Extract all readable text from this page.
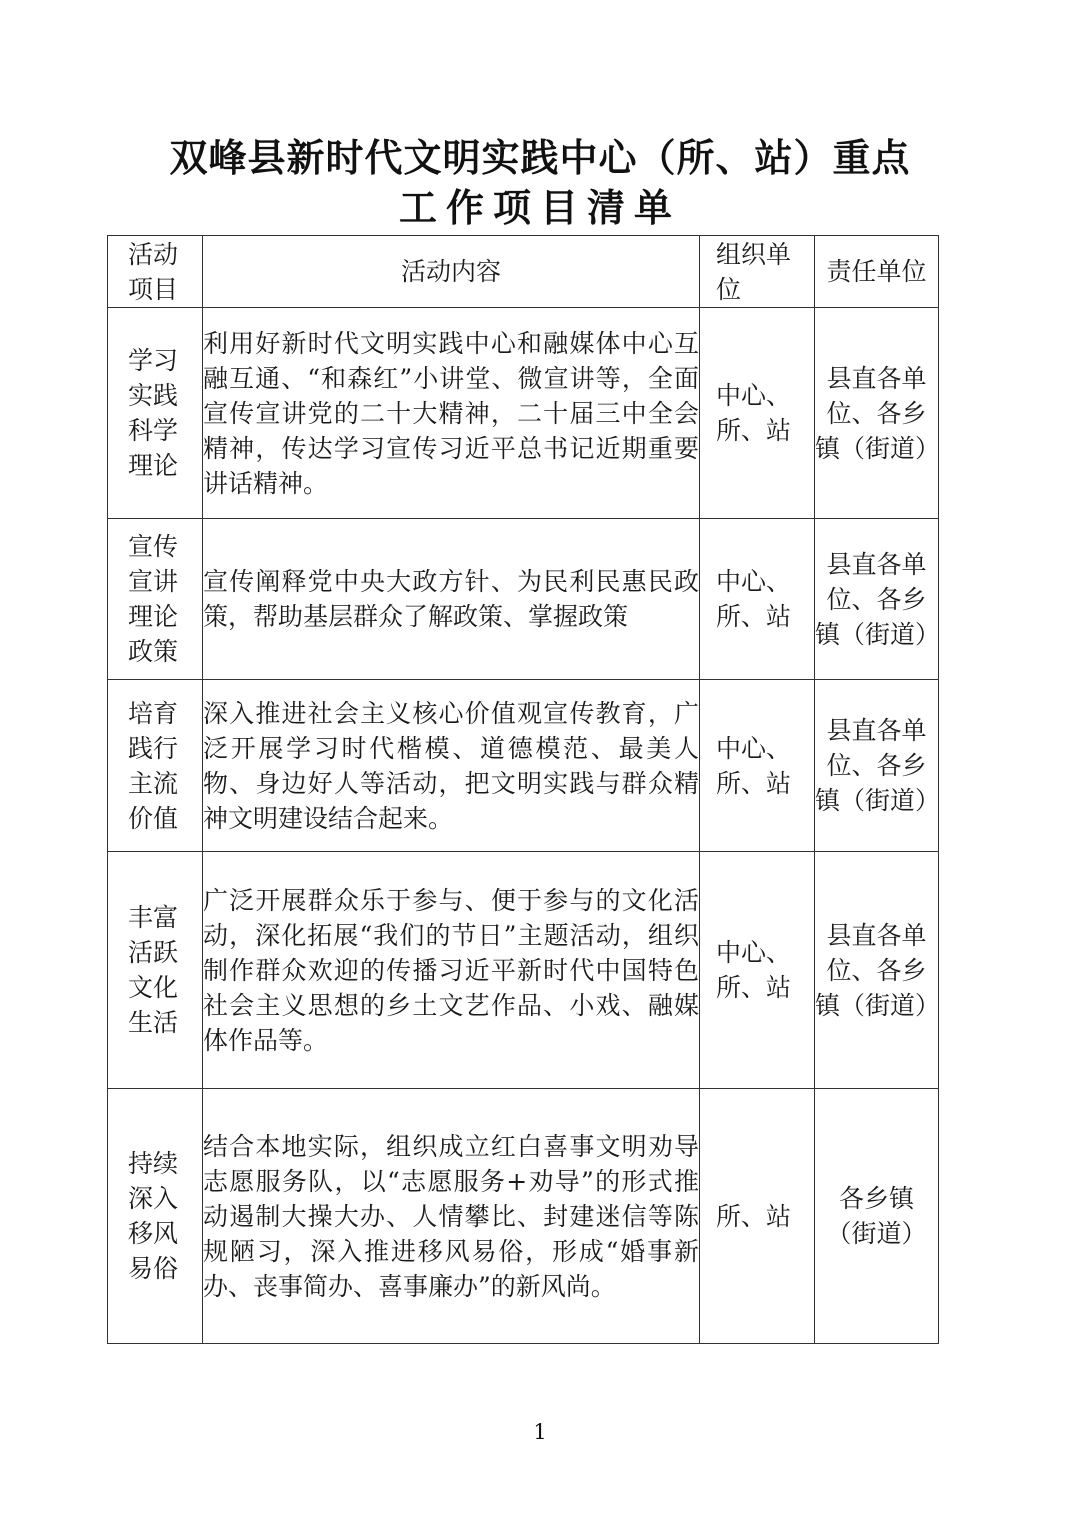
双峰县新时代文明实践中心（所、站）重点
工作项目清单
活动项目	活动内容	组织单位	责任单位
学习实践科学理论	利用好新时代文明实践中心和融媒体中心互融互通、“和森红”小讲堂、微宣讲等，全面宣传宣讲党的二十大精神，二十届三中全会精神，传达学习宣传习近平总书记近期重要讲话精神。	中心、所、站	县直各单位、各乡镇（街道）
宣传宣讲理论政策	宣传阐释党中央大政方针、为民利民惠民政策，帮助基层群众了解政策、掌握政策	中心、所、站	县直各单位、各乡镇（街道）
培育践行主流价值	深入推进社会主义核心价值观宣传教育，广泛开展学习时代楷模、道德模范、最美人物、身边好人等活动，把文明实践与群众精神文明建设结合起来。	中心、所、站	县直各单位、各乡镇（街道）
丰富活跃文化生活	广泛开展群众乐于参与、便于参与的文化活动，深化拓展“我们的节日”主题活动，组织制作群众欢迎的传播习近平新时代中国特色社会主义思想的乡土文艺作品、小戏、融媒体作品等。	中心、所、站	县直各单位、各乡镇（街道）
持续深入移风易俗	结合本地实际，组织成立红白喜事文明劝导志愿服务队，以“志愿服务+劝导”的形式推动遏制大操大办、人情攀比、封建迷信等陈规陋习，深入推进移风易俗，形成“婚事新办、丧事简办、喜事廉办”的新风尚。	所、站	各乡镇（街道）
1
